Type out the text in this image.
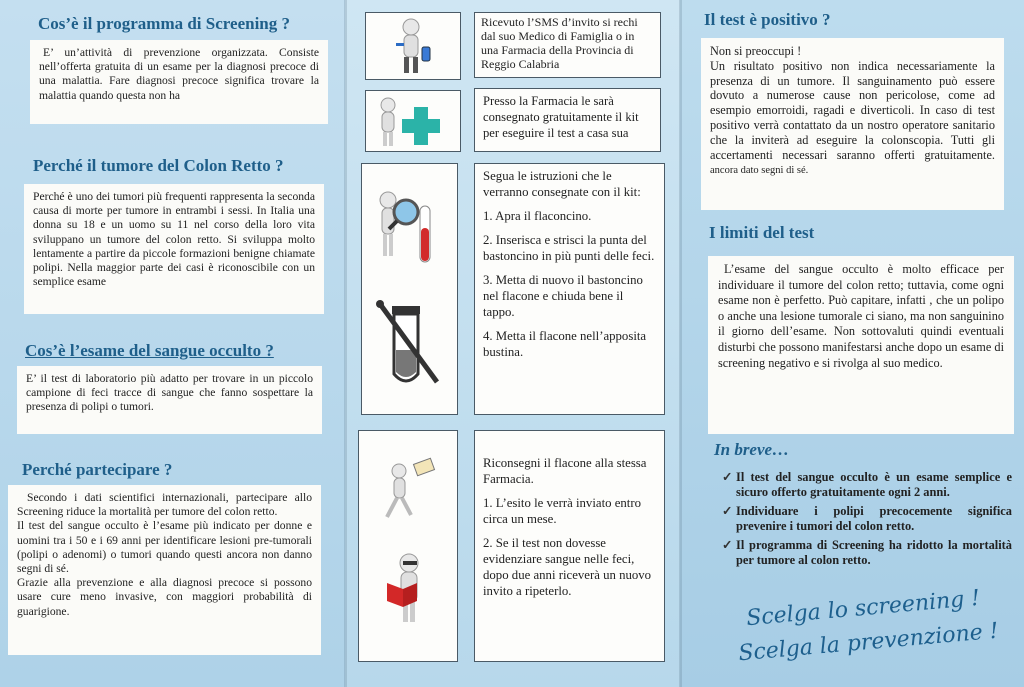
Cos’è il programma di Screening ?

E’ un’attività di prevenzione organizzata. Consiste nell’offerta gratuita di un esame per la diagnosi precoce di una malattia. Fare diagnosi precoce significa trovare la malattia quando questa non ha

Perché il tumore del Colon Retto ?

Perché è uno dei tumori più frequenti rappresenta la seconda causa di morte per tumore in entrambi i sessi. In Italia una donna su 18 e un uomo su 11 nel corso della loro vita sviluppano un tumore del colon retto. Si sviluppa molto lentamente a partire da piccole formazioni benigne chiamate polipi. Nella maggior parte dei casi è riconoscibile con un semplice esame

Cos’è l’esame del sangue occulto ?

E’ il test di laboratorio più adatto per trovare in un piccolo campione di feci tracce di sangue che fanno sospettare la presenza di polipi o tumori.

Perché partecipare ?

Secondo i dati scientifici internazionali, partecipare allo Screening riduce la mortalità per tumore del colon retto.

Il test del sangue occulto è l’esame più indicato per donne e uomini tra i 50 e i 69 anni per identificare lesioni pre-tumorali (polipi o adenomi) o tumori quando questi ancora non danno segni di sé.

Grazie alla prevenzione e alla diagnosi precoce si possono usare cure meno invasive, con maggiori probabilità di guarigione.

Ricevuto l’SMS d’invito si rechi dal suo Medico di Famiglia o in una Farmacia della Provincia di Reggio Calabria

Presso la Farmacia le sarà consegnato gratuitamente il kit per eseguire il test a casa sua

Segua le istruzioni che le verranno consegnate con il kit:

1. Apra il flaconcino.

2. Inserisca e strisci la punta del bastoncino in più punti delle feci.

3. Metta di nuovo il bastoncino nel flacone e chiuda bene il tappo.

4. Metta il flacone nell’apposita bustina.

Riconsegni il flacone alla stessa Farmacia.

1. L’esito le verrà inviato entro circa un mese.

2. Se il test non dovesse evidenziare sangue nelle feci, dopo due anni riceverà un nuovo invito a ripeterlo.

Il test è positivo ?

Non si preoccupi !

Un risultato positivo non indica necessariamente la presenza di un tumore. Il sanguinamento può essere dovuto a numerose cause non pericolose, come ad esempio emorroidi, ragadi e diverticoli. In caso di test positivo verrà contattato da un nostro operatore sanitario che la inviterà ad eseguire la colonscopia. Tutti gli accertamenti necessari saranno offerti gratuitamente. ancora dato segni di sé.

I limiti del test

L’esame del sangue occulto è molto efficace per individuare il tumore del colon retto; tuttavia, come ogni esame non è perfetto. Può capitare, infatti , che un polipo o anche una lesione tumorale ci siano, ma non sanguinino il giorno dell’esame. Non sottovaluti quindi eventuali disturbi che possono manifestarsi anche dopo un esame di screening negativo e si rivolga al suo medico.

In breve…
✓ Il test del sangue occulto è un esame semplice e sicuro offerto gratuitamente ogni 2 anni.
✓ Individuare i polipi precocemente significa prevenire i tumori del colon retto.
✓ Il programma di Screening ha ridotto la mortalità per tumore al colon retto.
Scelga lo screening !
Scelga la prevenzione !
